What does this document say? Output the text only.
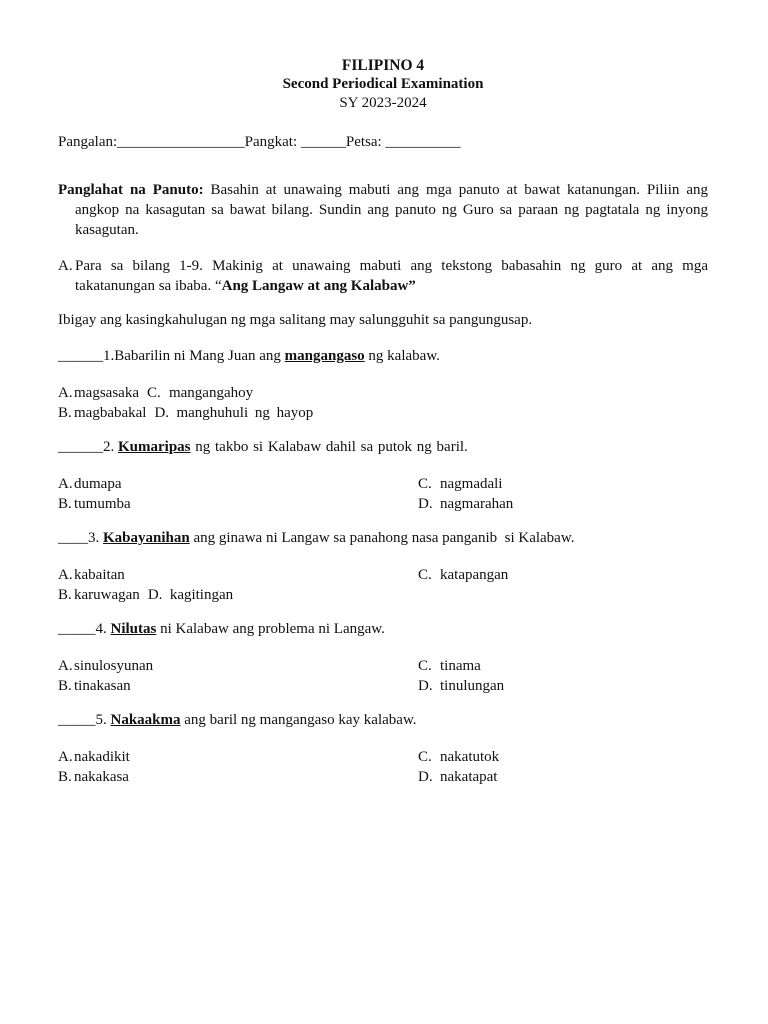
FILIPINO 4
Second Periodical Examination
SY 2023-2024
Pangalan:_________________Pangkat: ______Petsa: __________
Panglahat na Panuto: Basahin at unawaing mabuti ang mga panuto at bawat katanungan. Piliin ang angkop na kasagutan sa bawat bilang. Sundin ang panuto ng Guro sa paraan ng pagtatala ng inyong kasagutan.
A. Para sa bilang 1-9. Makinig at unawaing mabuti ang tekstong babasahin ng guro at ang mga takatanungan sa ibaba. “Ang Langaw at ang Kalabaw”
Ibigay ang kasingkahulugan ng mga salitang may salungguhit sa pangungusap.
______1.Babarilin ni Mang Juan ang mangangaso ng kalabaw.
A. magsasaka C. mangangahoy
B. magbabakal D. manghuhuli ng hayop
______2. Kumaripas ng takbo si Kalabaw dahil sa putok ng baril.
A. dumapa	C. nagmadali
B. tumumba	D. nagmarahan
____3. Kabayanihan ang ginawa ni Langaw sa panahong nasa panganib  si Kalabaw.
A. kabaitan	C. katapangan
B. karuwagan D. kagitingan
_____4. Nilutas ni Kalabaw ang problema ni Langaw.
A. sinulosyunan	C. tinama
B. tinakasan	D. tinulungan
_____5. Nakaakma ang baril ng mangangaso kay kalabaw.
A. nakadikit	C. nakatutok
B. nakakasa	D. nakatapat
